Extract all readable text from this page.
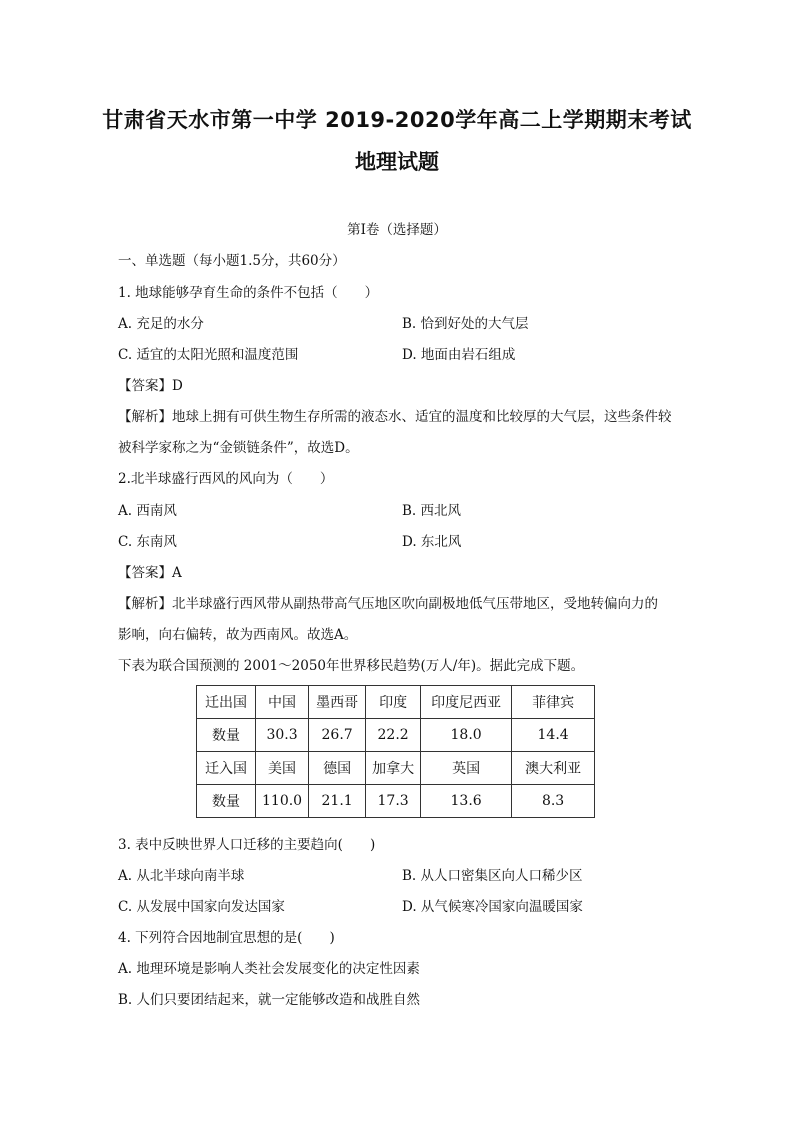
甘肃省天水市第一中学 2019-2020学年高二上学期期末考试
地理试题
第Ⅰ卷（选择题）
一、单选题（每小题1.5分，共60分）
1. 地球能够孕育生命的条件不包括（　　）
A. 充足的水分	B. 恰到好处的大气层
C. 适宜的太阳光照和温度范围	D. 地面由岩石组成
【答案】D
【解析】地球上拥有可供生物生存所需的液态水、适宜的温度和比较厚的大气层，这些条件较
被科学家称之为“金锁链条件”，故选D。
2.北半球盛行西风的风向为（　　）
A. 西南风	B. 西北风
C. 东南风	D. 东北风
【答案】A
【解析】北半球盛行西风带从副热带高气压地区吹向副极地低气压带地区，受地转偏向力的
影响，向右偏转，故为西南风。故选A。
下表为联合国预测的 2001～2050年世界移民趋势(万人/年)。据此完成下题。
迁出国	中国	墨西哥	印度	印度尼西亚	菲律宾
数量	30.3	26.7	22.2	18.0	14.4
迁入国	美国	德国	加拿大	英国	澳大利亚
数量	110.0	21.1	17.3	13.6	8.3
3. 表中反映世界人口迁移的主要趋向(　　)
A. 从北半球向南半球	B. 从人口密集区向人口稀少区
C. 从发展中国家向发达国家	D. 从气候寒冷国家向温暖国家
4. 下列符合因地制宜思想的是(　　)
A. 地理环境是影响人类社会发展变化的决定性因素
B. 人们只要团结起来，就一定能够改造和战胜自然
